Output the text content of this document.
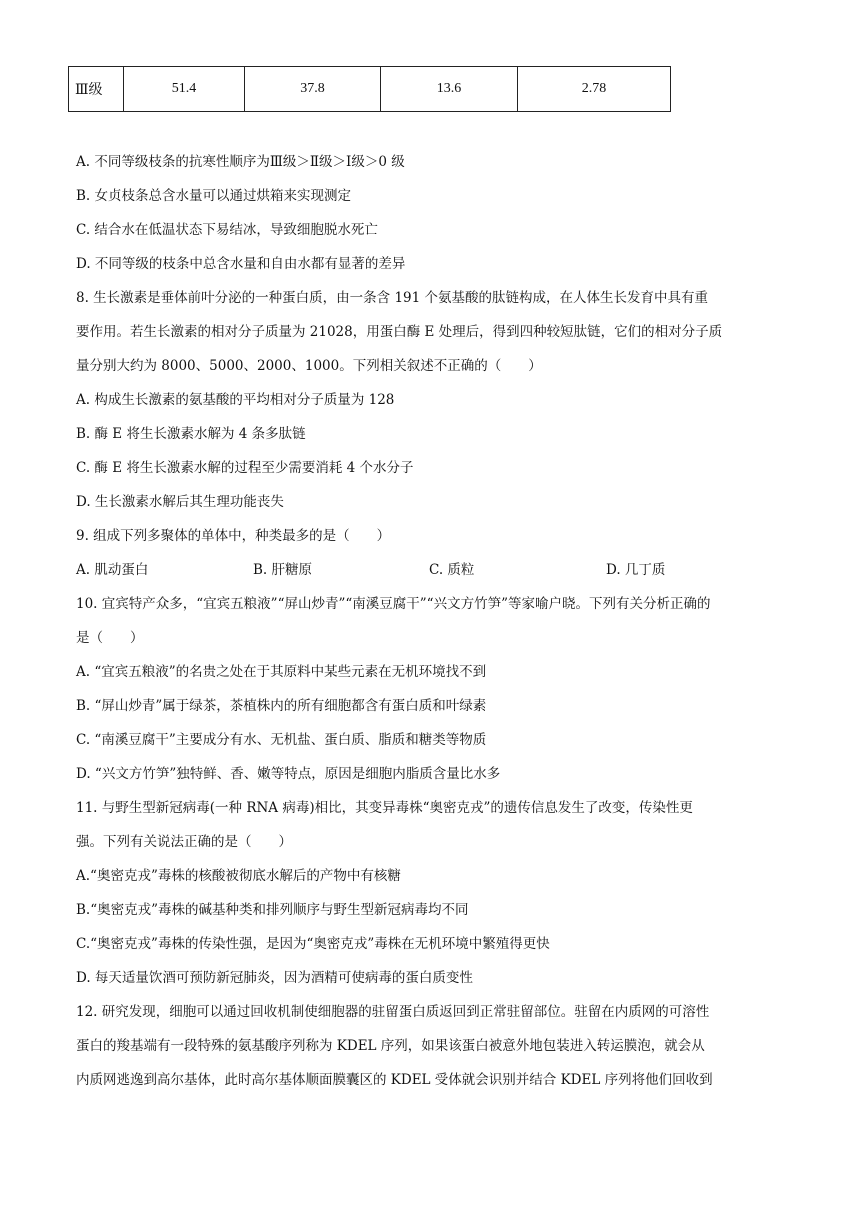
Ⅲ级	51.4	37.8	13.6	2.78
A. 不同等级枝条的抗寒性顺序为Ⅲ级＞Ⅱ级＞Ⅰ级＞0 级
B. 女贞枝条总含水量可以通过烘箱来实现测定
C. 结合水在低温状态下易结冰，导致细胞脱水死亡
D. 不同等级的枝条中总含水量和自由水都有显著的差异
8. 生长激素是垂体前叶分泌的一种蛋白质，由一条含 191 个氨基酸的肽链构成，在人体生长发育中具有重
要作用。若生长激素的相对分子质量为 21028，用蛋白酶 E 处理后，得到四种较短肽链，它们的相对分子质
量分别大约为 8000、5000、2000、1000。下列相关叙述不正确的（　　）
A. 构成生长激素的氨基酸的平均相对分子质量为 128
B. 酶 E 将生长激素水解为 4 条多肽链
C. 酶 E 将生长激素水解的过程至少需要消耗 4 个水分子
D. 生长激素水解后其生理功能丧失
9. 组成下列多聚体的单体中，种类最多的是（　　）
A. 肌动蛋白	B. 肝糖原	C. 质粒	D. 几丁质
10. 宜宾特产众多，“宜宾五粮液”“屏山炒青”“南溪豆腐干”“兴文方竹笋”等家喻户晓。下列有关分析正确的
是（　　）
A. “宜宾五粮液”的名贵之处在于其原料中某些元素在无机环境找不到
B. “屏山炒青”属于绿茶，茶植株内的所有细胞都含有蛋白质和叶绿素
C. “南溪豆腐干”主要成分有水、无机盐、蛋白质、脂质和糖类等物质
D. “兴文方竹笋”独特鲜、香、嫩等特点，原因是细胞内脂质含量比水多
11. 与野生型新冠病毒(一种 RNA 病毒)相比，其变异毒株“奥密克戎”的遗传信息发生了改变，传染性更
强。下列有关说法正确的是（　　）
A.“奥密克戎”毒株的核酸被彻底水解后的产物中有核糖
B.“奥密克戎”毒株的碱基种类和排列顺序与野生型新冠病毒均不同
C.“奥密克戎”毒株的传染性强，是因为“奥密克戎”毒株在无机环境中繁殖得更快
D. 每天适量饮酒可预防新冠肺炎，因为酒精可使病毒的蛋白质变性
12. 研究发现，细胞可以通过回收机制使细胞器的驻留蛋白质返回到正常驻留部位。驻留在内质网的可溶性
蛋白的羧基端有一段特殊的氨基酸序列称为 KDEL 序列，如果该蛋白被意外地包装进入转运膜泡，就会从
内质网逃逸到高尔基体，此时高尔基体顺面膜囊区的 KDEL 受体就会识别并结合 KDEL 序列将他们回收到
